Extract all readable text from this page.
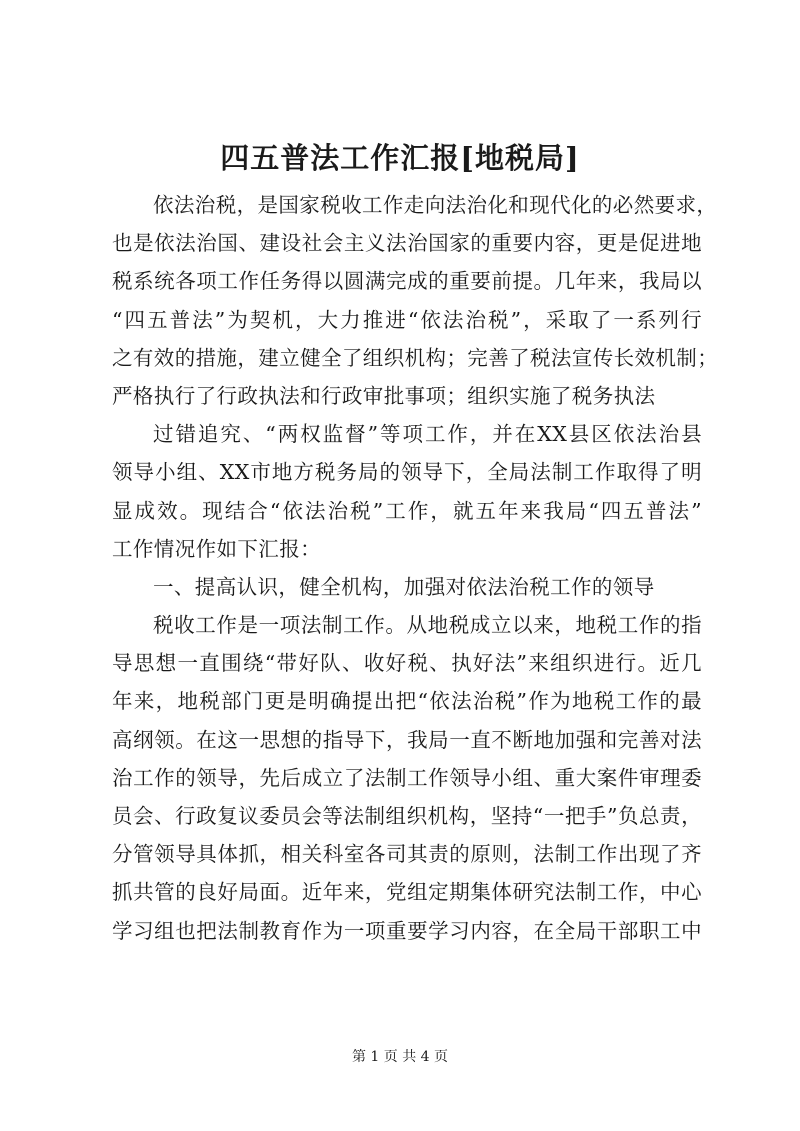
四五普法工作汇报[地税局]
依法治税，是国家税收工作走向法治化和现代化的必然要求，
也是依法治国、建设社会主义法治国家的重要内容，更是促进地
税系统各项工作任务得以圆满完成的重要前提。几年来，我局以
“四五普法”为契机，大力推进“依法治税”，采取了一系列行
之有效的措施，建立健全了组织机构；完善了税法宣传长效机制；
严格执行了行政执法和行政审批事项；组织实施了税务执法
过错追究、“两权监督”等项工作，并在XX县区依法治县
领导小组、XX市地方税务局的领导下，全局法制工作取得了明
显成效。现结合“依法治税”工作，就五年来我局“四五普法”
工作情况作如下汇报：
一、提高认识，健全机构，加强对依法治税工作的领导
税收工作是一项法制工作。从地税成立以来，地税工作的指
导思想一直围绕“带好队、收好税、执好法”来组织进行。近几
年来，地税部门更是明确提出把“依法治税”作为地税工作的最
高纲领。在这一思想的指导下，我局一直不断地加强和完善对法
治工作的领导，先后成立了法制工作领导小组、重大案件审理委
员会、行政复议委员会等法制组织机构，坚持“一把手”负总责，
分管领导具体抓，相关科室各司其责的原则，法制工作出现了齐
抓共管的良好局面。近年来，党组定期集体研究法制工作，中心
学习组也把法制教育作为一项重要学习内容，在全局干部职工中
第 1 页 共 4 页
